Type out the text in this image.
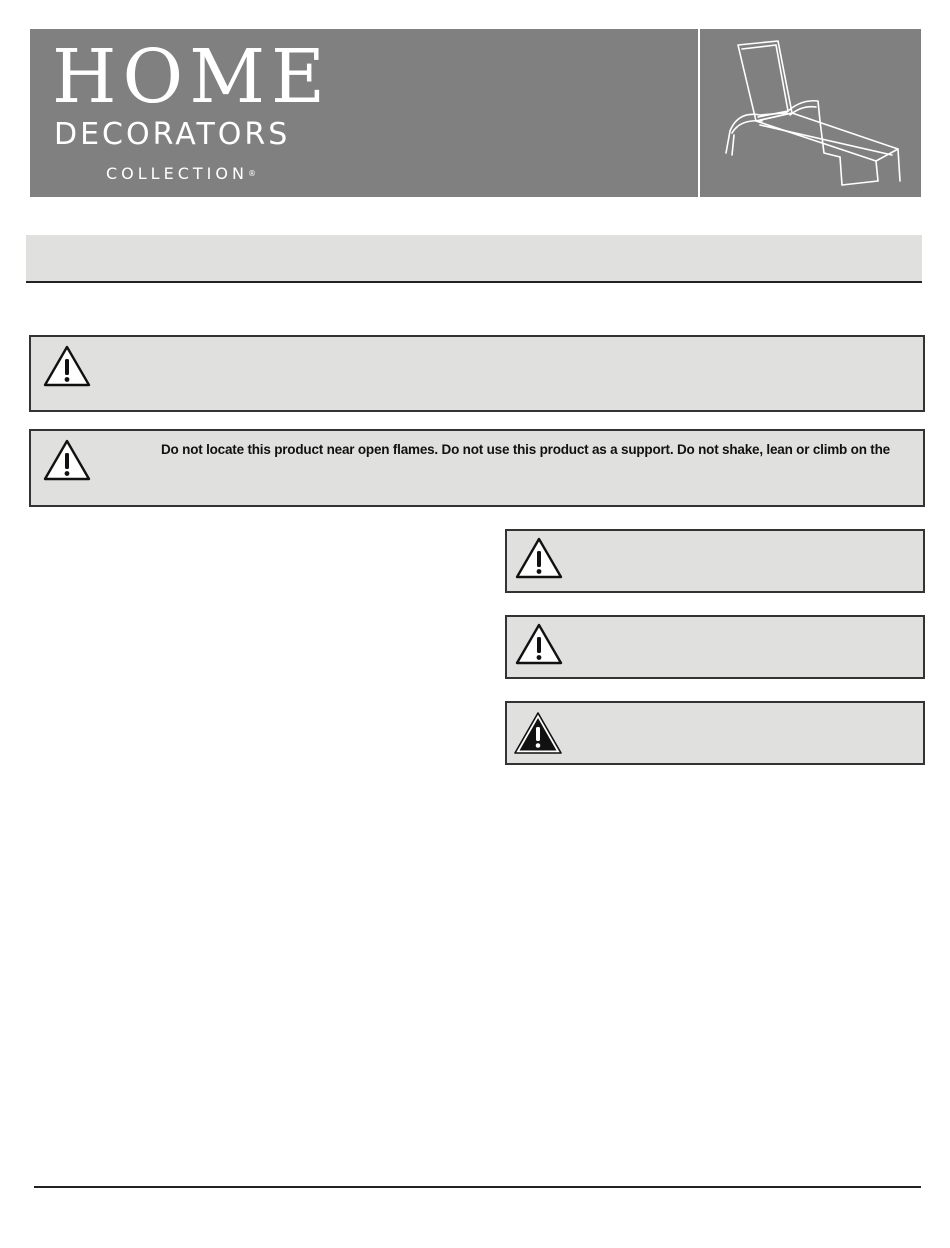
HOME
DECORATORS
COLLECTION®
Do not locate this product near open flames. Do not use this product as a support. Do not shake, lean or climb on the
